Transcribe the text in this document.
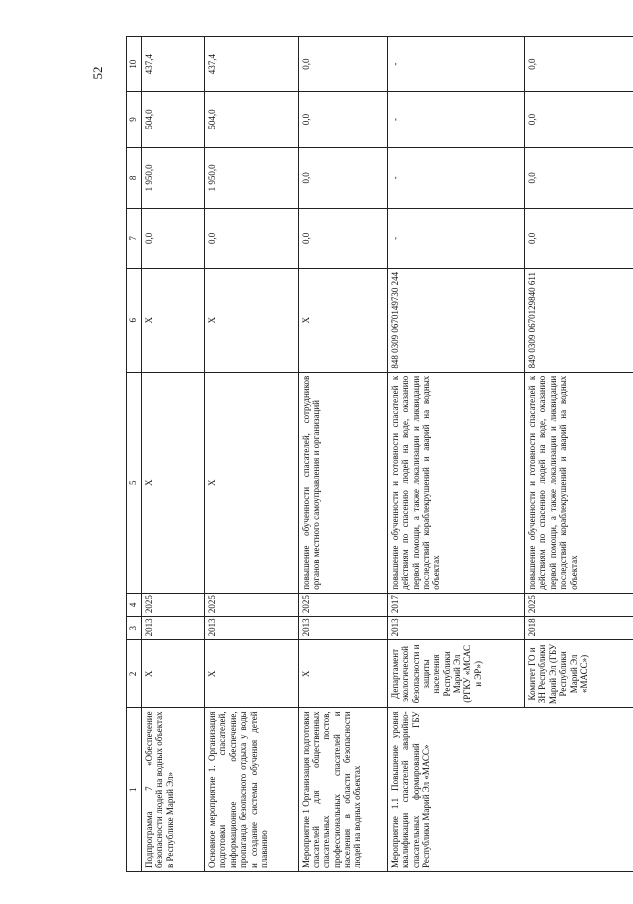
52
1	2	3	4	5	6	7	8	9	10
Подпрограмма 7 «Обеспечение безопасности людей на водных объектах в Республике Марий Эл»	X	2013	2025	X	X	0,0	1 950,0	504,0	437,4
Основное мероприятие 1. Организация подготовки спасателей, информационное обеспечение, пропаганда безопасного отдыха у воды и создание системы обучения детей плаванию	X	2013	2025	X	X	0,0	1 950,0	504,0	437,4
Мероприятие 1 Организация подготовки спасателей для общественных спасательных постов, профессиональных спасателей и населения в области безопасности людей на водных объектах	X	2013	2025	повышение обученности спасателей, сотрудников органов местного самоуправления и организаций	X	0,0	0,0	0,0	0,0
Мероприятие 1.1 Повышение уровня квалификации спасателей аварийно-спасательных формирований ГБУ Республики Марий Эл «МАСС»	Департамент экологической безопасности и защиты населения Республики Марий Эл (РГКУ «МСАС и ЭР»)	2013	2017	повышение обученности и готовности спасателей к действиям по спасению людей на воде, оказанию первой помощи, а также локализации и ликвидации последствий кораблекрушений и аварий на водных объектах	848 0309 0670149730 244	-	-	-	-
	Комитет ГО и ЗН Республики Марий Эл (ГБУ Республики Марий Эл «МАСС»)	2018	2025	повышение обученности и готовности спасателей к действиям по спасению людей на воде, оказанию первой помощи, а также локализации и ликвидации последствий кораблекрушений и аварий на водных объектах	849 0309 0670129840 611	0,0	0,0	0,0	0,0
